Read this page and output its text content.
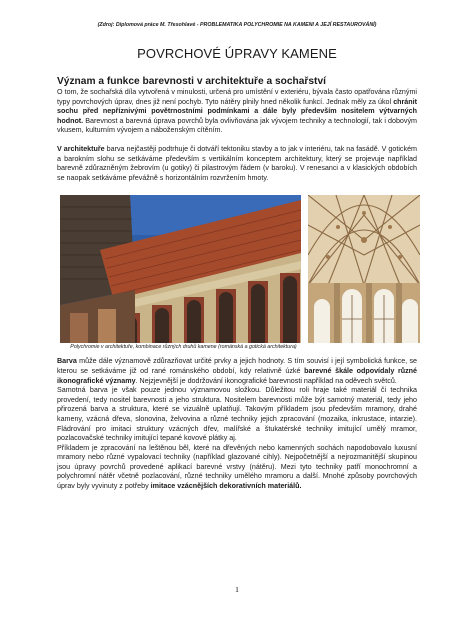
(Zdroj: Diplomová práce M. Třesohlavé - PROBLEMATIKA POLYCHROMIE NA KAMENI A JEJÍ RESTAUROVÁNÍ)
POVRCHOVÉ ÚPRAVY KAMENE
Význam a funkce barevnosti v architektuře a sochařství

O tom, že sochařská díla vytvořená v minulosti, určená pro umístění v exteriéru, bývala často opatřována různými typy povrchových úprav, dnes již není pochyb. Tyto nátěry plnily hned několik funkcí. Jednak měly za úkol chránit sochu před nepříznivými povětrnostními podmínkami a dále byly především nositelem výtvarných hodnot. Barevnost a barevná úprava povrchů byla ovlivňována jak vývojem techniky a technologií, tak i dobovým vkusem, kulturním vývojem a náboženským cítěním.

V architektuře barva nejčastěji podtrhuje či dotváří tektoniku stavby a to jak v interiéru, tak na fasádě. V gotickém a barokním slohu se setkáváme především s vertikálním konceptem architektury, který se projevuje například barevně zdůrazněným žebrovím (u gotiky) či pilastrovým řádem (v baroku). V renesanci a v klasických obdobích se naopak setkáváme převážně s horizontálním rozvržením hmoty.

Polychromie v architektuře, kombinace různých druhů kamene (románská a gotická architektura)

Barva může dále významově zdůrazňovat určité prvky a jejich hodnoty. S tím souvisí i její symbolická funkce, se kterou se setkáváme již od rané románského období, kdy relativně úzké barevné škále odpovídaly různé ikonografické významy. Nejzjevnější je dodržování ikonografické barevnosti například na oděvech světců.

Samotná barva je však pouze jednou významovou složkou. Důležitou roli hraje také materiál či technika provedení, tedy nositel barevnosti a jeho struktura. Nositelem barevnosti může být samotný materiál, tedy jeho přirozená barva a struktura, které se vizuálně uplatňují. Takovým příkladem jsou především mramory, drahé kameny, vzácná dřeva, slonovina, želvovina a různé techniky jejich zpracování (mozaika, inkrustace, intarzie). Fládrování pro imitaci struktury vzácných dřev, malířské a štukatérské techniky imitující umělý mramor, pozlacovačské techniky imitující tepané kovové plátky aj.

Příkladem je zpracování na leštěnou běl, které na dřevěných nebo kamenných sochách napodobovalo luxusní mramory nebo různé vypalovací techniky (například glazované cihly). Nejpočetnější a nejrozmanitější skupinou jsou úpravy povrchů provedené aplikací barevné vrstvy (nátěru). Mezi tyto techniky patří monochromní a polychromní nátěr včetně pozlacování, různé techniky umělého mramoru a další. Mnohé způsoby povrchových úprav byly vyvinuty z potřeby imitace vzácnějších dekorativních materiálů.

1
